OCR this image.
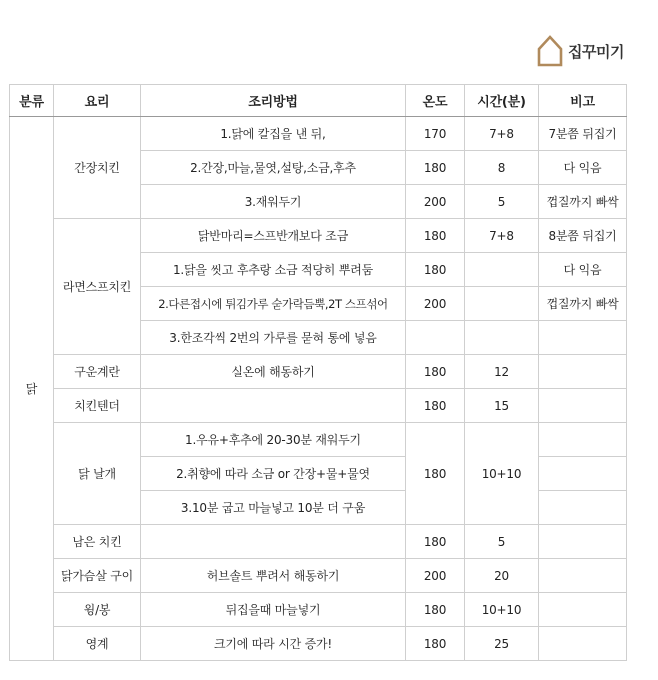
집꾸미기
분류	요리	조리방법	온도	시간(분)	비고
닭	간장치킨	1.닭에 칼집을 낸 뒤,	170	7+8	7분쯤 뒤집기
		2.간장,마늘,물엿,설탕,소금,후추	180	8	다 익음
		3.재워두기	200	5	껍질까지 빠싹
	라면스프치킨	닭반마리=스프반개보다 조금	180	7+8	8분쯤 뒤집기
		1.닭을 씻고 후추랑 소금 적당히 뿌려둠	180		다 익음
		2.다른접시에 튀김가루 숟가락듬뿍,2T 스프섞어	200		껍질까지 빠싹
		3.한조각씩 2번의 가루를 묻혀 통에 넣음			
	구운계란	실온에 해동하기	180	12	
	치킨텐더		180	15	
	닭 날개	1.우유+후추에 20-30분 재워두기	180	10+10	
		2.취향에 따라 소금 or 간장+물+물엿			
		3.10분 굽고 마늘넣고 10분 더 구움			
	남은 치킨		180	5	
	닭가슴살 구이	허브솔트 뿌려서 해동하기	200	20	
	윙/봉	뒤집을때 마늘넣기	180	10+10	
	영계	크기에 따라 시간 증가!	180	25	
